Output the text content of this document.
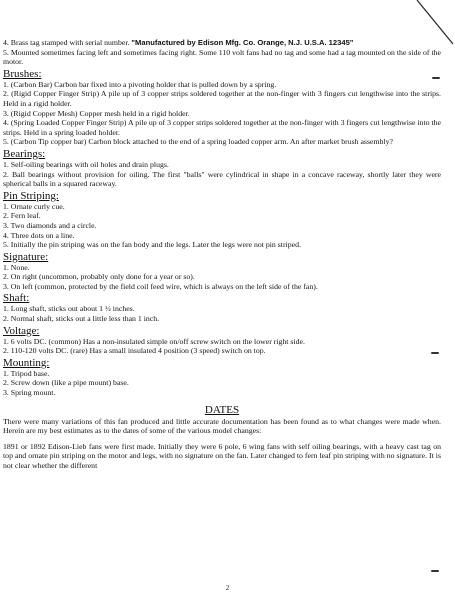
4. Brass tag stamped with serial number. "Manufactured by Edison Mfg. Co. Orange, N.J. U.S.A. 12345"

5. Mounted sometimes facing left and sometimes facing right. Some 110 volt fans had no tag and some had a tag mounted on the side of the motor.

Brushes:

1. (Carbon Bar) Carbon bar fixed into a pivoting holder that is pulled down by a spring.

2. (Rigid Copper Finger Strip) A pile up of 3 copper strips soldered together at the non-finger with 3 fingers cut lengthwise into the strips. Held in a rigid holder.

3. (Rigid Copper Mesh) Copper mesh held in a rigid holder.

4. (Spring Loaded Copper Finger Strip) A pile up of 3 copper strips soldered together at the non-finger with 3 fingers cut lengthwise into the strips. Held in a spring loaded holder.

5. (Carbon Tip copper bar) Carbon block attached to the end of a spring loaded copper arm. An after market brush assembly?

Bearings:

1. Self-oiling bearings with oil holes and drain plugs.

2. Ball bearings without provision for oiling. The first "balls" were cylindrical in shape in a concave raceway, shortly later they were spherical balls in a squared raceway.

Pin Striping:

1. Ornate curly cue.

2. Fern leaf.

3. Two diamonds and a circle.

4. Three dots on a line.

5. Initially the pin striping was on the fan body and the legs. Later the legs were not pin striped.

Signature:

1. None.

2. On right (uncommon, probably only done for a year or so).

3. On left (common, protected by the field coil feed wire, which is always on the left side of the fan).

Shaft:

1. Long shaft, sticks out about 1 ½ inches.

2. Normal shaft, sticks out a little less than 1 inch.

Voltage:

1. 6 volts DC. (common) Has a non-insulated simple on/off screw switch on the lower right side.

2. 110-120 volts DC. (rare) Has a small insulated 4 position (3 speed) switch on top.

Mounting:

1. Tripod base.

2. Screw down (like a pipe mount) base.

3. Spring mount.

DATES

There were many variations of this fan produced and little accurate documentation has been found as to what changes were made when. Herein are my best estimates as to the dates of some of the various model changes:

1891 or 1892 Edison-Lieb fans were first made. Initially they were 6 pole, 6 wing fans with self oiling bearings, with a heavy cast tag on top and ornate pin striping on the motor and legs, with no signature on the fan. Later changed to fern leaf pin striping with no signature. It is not clear whether the different

2
